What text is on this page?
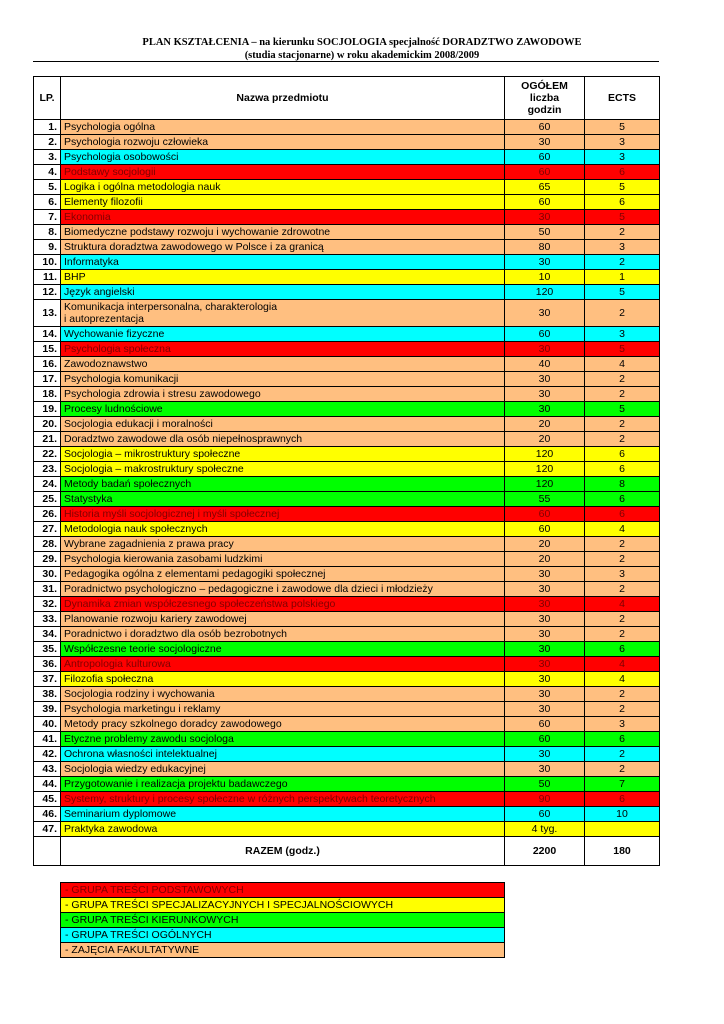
PLAN KSZTAŁCENIA – na kierunku SOCJOLOGIA specjalność DORADZTWO ZAWODOWE
(studia stacjonarne) w roku akademickim 2008/2009
LP.	Nazwa przedmiotu	OGÓŁEM
liczba
godzin	ECTS
1.	Psychologia ogólna	60	5
2.	Psychologia rozwoju człowieka	30	3
3.	Psychologia osobowości	60	3
4.	Podstawy socjologii	60	6
5.	Logika i ogólna metodologia nauk	65	5
6.	Elementy filozofii	60	6
7.	Ekonomia	30	5
8.	Biomedyczne podstawy rozwoju i wychowanie zdrowotne	50	2
9.	Struktura doradztwa zawodowego w Polsce i za granicą	80	3
10.	Informatyka	30	2
11.	BHP	10	1
12.	Język angielski	120	5
13.	Komunikacja interpersonalna, charakterologia
i autoprezentacja	30	2
14.	Wychowanie fizyczne	60	3
15.	Psychologia społeczna	30	5
16.	Zawodoznawstwo	40	4
17.	Psychologia komunikacji	30	2
18.	Psychologia zdrowia i stresu zawodowego	30	2
19.	Procesy ludnościowe	30	5
20.	Socjologia edukacji i moralności	20	2
21.	Doradztwo zawodowe dla osób niepełnosprawnych	20	2
22.	Socjologia – mikrostruktury społeczne	120	6
23.	Socjologia – makrostruktury społeczne	120	6
24.	Metody badań społecznych	120	8
25.	Statystyka	55	6
26.	Historia myśli socjologicznej i myśli społecznej	60	6
27.	Metodologia nauk społecznych	60	4
28.	Wybrane zagadnienia z prawa pracy	20	2
29.	Psychologia kierowania zasobami ludzkimi	20	2
30.	Pedagogika ogólna z elementami pedagogiki społecznej	30	3
31.	Poradnictwo psychologiczno – pedagogiczne i zawodowe dla dzieci i młodzieży	30	2
32.	Dynamika zmian współczesnego społeczeństwa polskiego	30	4
33.	Planowanie rozwoju kariery zawodowej	30	2
34.	Poradnictwo i doradztwo dla osób bezrobotnych	30	2
35.	Współczesne teorie socjologiczne	30	6
36.	Antropologia kulturowa	30	4
37.	Filozofia społeczna	30	4
38.	Socjologia rodziny i wychowania	30	2
39.	Psychologia marketingu i reklamy	30	2
40.	Metody pracy szkolnego doradcy zawodowego	60	3
41.	Etyczne problemy zawodu socjologa	60	6
42.	Ochrona własności intelektualnej	30	2
43.	Socjologia wiedzy edukacyjnej	30	2
44.	Przygotowanie i realizacja projektu badawczego	50	7
45.	Systemy, struktury i procesy społeczne w różnych perspektywach teoretycznych	90	6
46.	Seminarium dyplomowe	60	10
47.	Praktyka zawodowa	4 tyg.	
	RAZEM (godz.)	2200	180
- GRUPA TREŚCI PODSTAWOWYCH
- GRUPA TREŚCI SPECJALIZACYJNYCH I SPECJALNOŚCIOWYCH
- GRUPA TREŚCI KIERUNKOWYCH
- GRUPA TREŚCI OGÓLNYCH
- ZAJĘCIA FAKULTATYWNE
